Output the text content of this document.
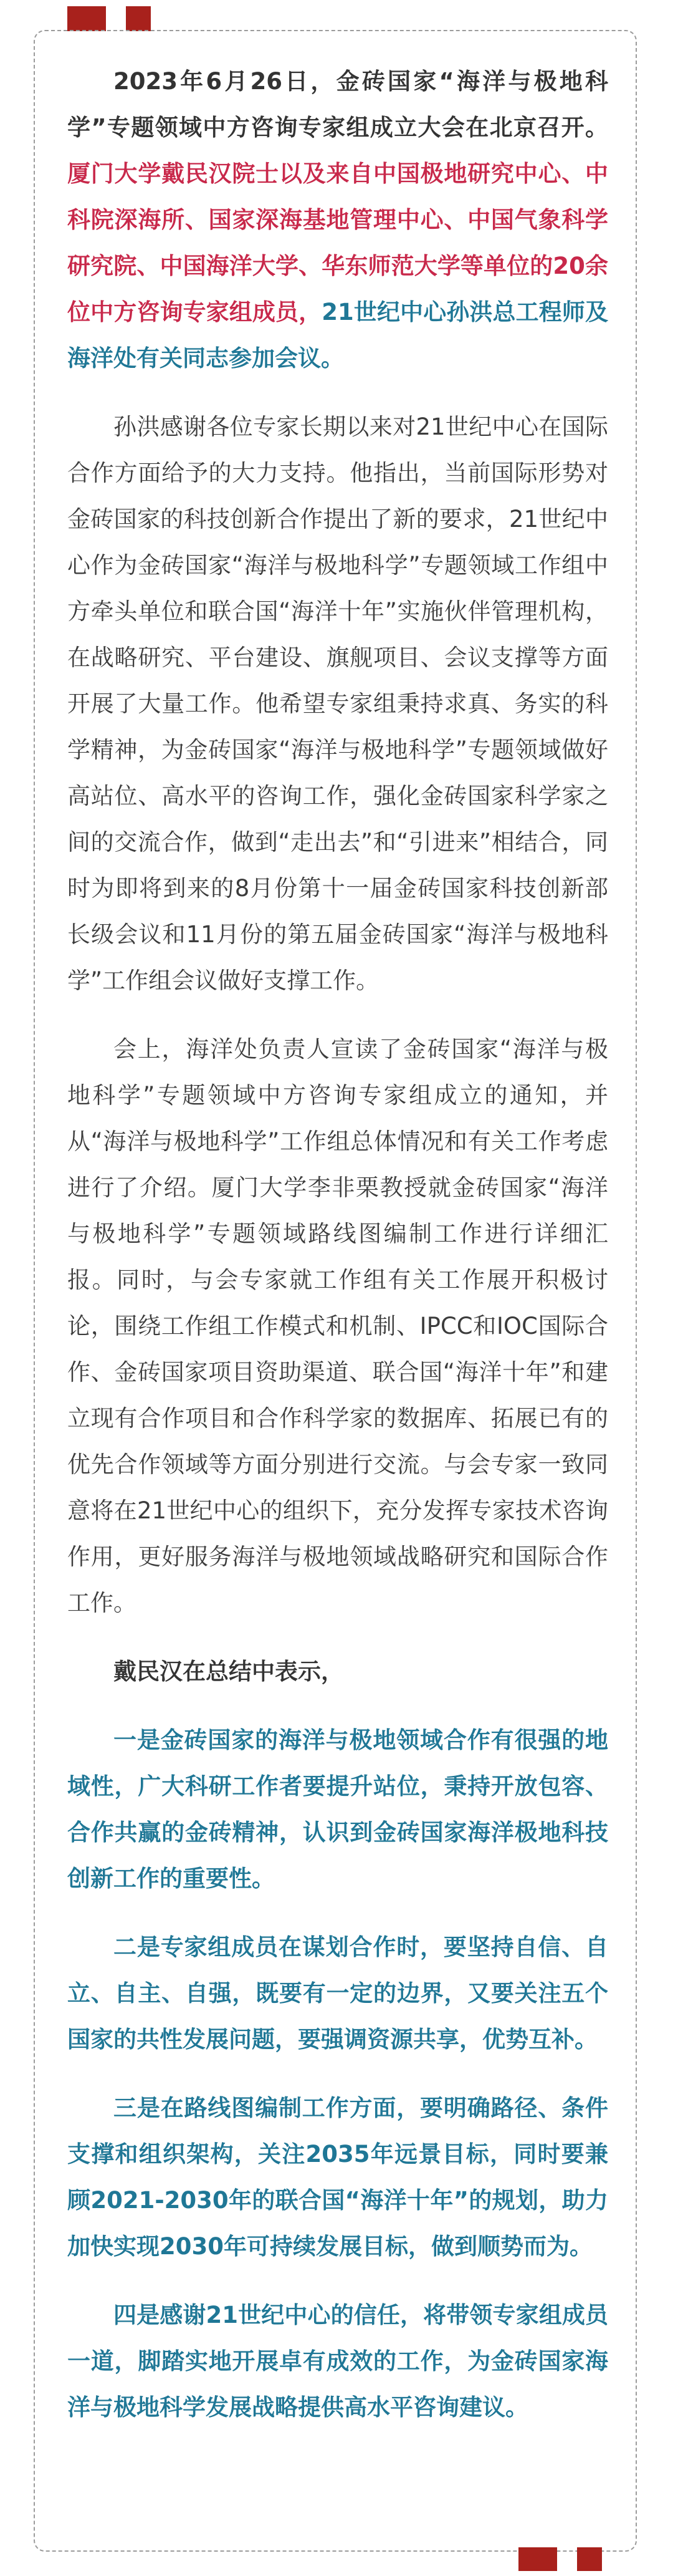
2023年6月26日，金砖国家“海洋与极地科学”专题领域中方咨询专家组成立大会在北京召开。厦门大学戴民汉院士以及来自中国极地研究中心、中科院深海所、国家深海基地管理中心、中国气象科学研究院、中国海洋大学、华东师范大学等单位的20余位中方咨询专家组成员，21世纪中心孙洪总工程师及海洋处有关同志参加会议。

孙洪感谢各位专家长期以来对21世纪中心在国际合作方面给予的大力支持。他指出，当前国际形势对金砖国家的科技创新合作提出了新的要求，21世纪中心作为金砖国家“海洋与极地科学”专题领域工作组中方牵头单位和联合国“海洋十年”实施伙伴管理机构，在战略研究、平台建设、旗舰项目、会议支撑等方面开展了大量工作。他希望专家组秉持求真、务实的科学精神，为金砖国家“海洋与极地科学”专题领域做好高站位、高水平的咨询工作，强化金砖国家科学家之间的交流合作，做到“走出去”和“引进来”相结合，同时为即将到来的8月份第十一届金砖国家科技创新部长级会议和11月份的第五届金砖国家“海洋与极地科学”工作组会议做好支撑工作。

会上，海洋处负责人宣读了金砖国家“海洋与极地科学”专题领域中方咨询专家组成立的通知，并从“海洋与极地科学”工作组总体情况和有关工作考虑进行了介绍。厦门大学李非栗教授就金砖国家“海洋与极地科学”专题领域路线图编制工作进行详细汇报。同时，与会专家就工作组有关工作展开积极讨论，围绕工作组工作模式和机制、IPCC和IOC国际合作、金砖国家项目资助渠道、联合国“海洋十年”和建立现有合作项目和合作科学家的数据库、拓展已有的优先合作领域等方面分别进行交流。与会专家一致同意将在21世纪中心的组织下，充分发挥专家技术咨询作用，更好服务海洋与极地领域战略研究和国际合作工作。

戴民汉在总结中表示，

一是金砖国家的海洋与极地领域合作有很强的地域性，广大科研工作者要提升站位，秉持开放包容、合作共赢的金砖精神，认识到金砖国家海洋极地科技创新工作的重要性。

二是专家组成员在谋划合作时，要坚持自信、自立、自主、自强，既要有一定的边界，又要关注五个国家的共性发展问题，要强调资源共享，优势互补。

三是在路线图编制工作方面，要明确路径、条件支撑和组织架构，关注2035年远景目标，同时要兼顾2021-2030年的联合国“海洋十年”的规划，助力加快实现2030年可持续发展目标，做到顺势而为。

四是感谢21世纪中心的信任，将带领专家组成员一道，脚踏实地开展卓有成效的工作，为金砖国家海洋与极地科学发展战略提供高水平咨询建议。
